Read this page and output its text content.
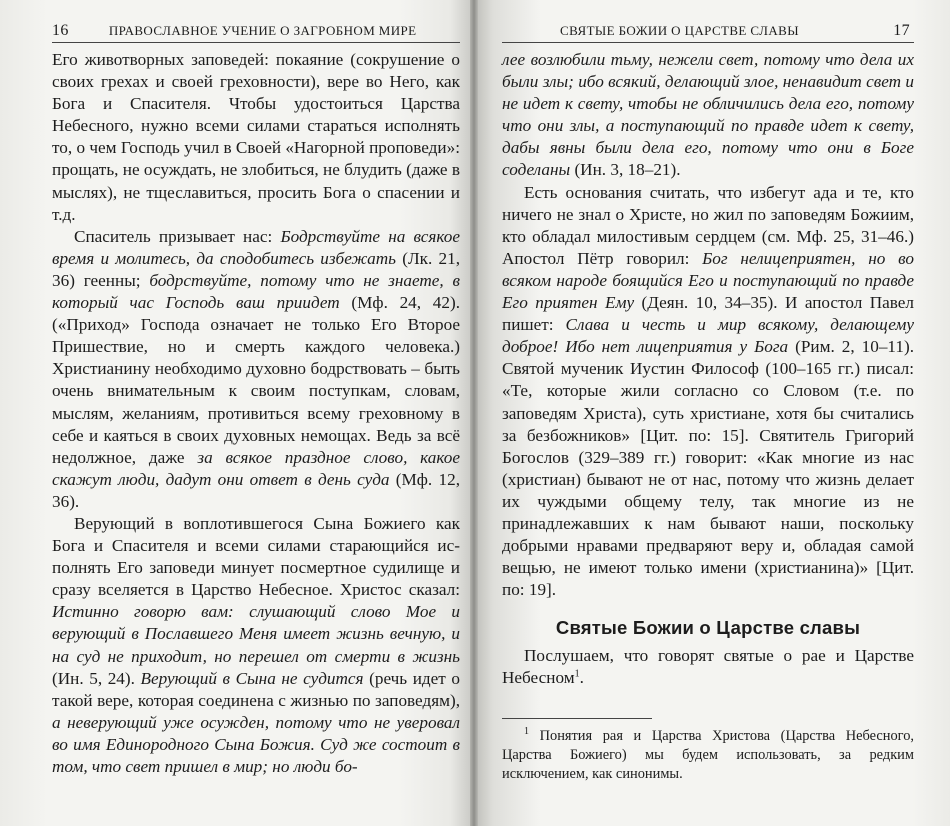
16	ПРАВОСЛАВНОЕ УЧЕНИЕ О ЗАГРОБНОМ МИРЕ

Его животворных заповедей: покаяние (сокрушение о своих грехах и своей греховности), вере во Него, как Бога и Спасителя. Чтобы удостоиться Царства Небесного, нужно всеми силами стараться исполнять то, о чем Господь учил в Своей «Нагорной проповеди»: прощать, не осуждать, не злобиться, не блудить (даже в мыслях), не тщеславиться, просить Бога о спасении и т.д.

Спаситель призывает нас: Бодрствуйте на всякое время и молитесь, да сподобитесь избежать (Лк. 21, 36) геенны; бодрствуйте, потому что не знаете, в который час Господь ваш приидет (Мф. 24, 42). («Приход» Господа означает не только Его Второе Пришествие, но и смерть каждого человека.) Христианину необходимо духовно бодрствовать – быть очень внимательным к своим поступкам, словам, мыслям, желаниям, противиться всему греховному в себе и каяться в своих духовных немощах. Ведь за всё недолжное, даже за всякое праздное слово, какое скажут люди, дадут они ответ в день суда (Мф. 12, 36).

Верующий в воплотившегося Сына Божиего как Бога и Спасителя и всеми силами старающийся исполнять Его заповеди минует посмертное судилище и сразу вселяется в Царство Небесное. Христос сказал: Истинно говорю вам: слушающий слово Мое и верующий в Пославшего Меня имеет жизнь вечную, и на суд не приходит, но перешел от смерти в жизнь (Ин. 5, 24). Верующий в Сына не судится (речь идет о такой вере, которая соединена с жизнью по заповедям), а неверующий уже осужден, потому что не уверовал во имя Единородного Сына Божия. Суд же состоит в том, что свет пришел в мир; но люди бо-

СВЯТЫЕ БОЖИИ О ЦАРСТВЕ СЛАВЫ	17

лее возлюбили тьму, нежели свет, потому что дела их были злы; ибо всякий, делающий злое, ненавидит свет и не идет к свету, чтобы не обличились дела его, потому что они злы, а поступающий по правде идет к свету, дабы явны были дела его, потому что они в Боге соделаны (Ин. 3, 18–21).

Есть основания считать, что избегут ада и те, кто ничего не знал о Христе, но жил по заповедям Божиим, кто обладал милостивым сердцем (см. Мф. 25, 31–46.) Апостол Пётр говорил: Бог нелицеприятен, но во всяком народе боящийся Его и поступающий по правде Его приятен Ему (Деян. 10, 34–35). И апостол Павел пишет: Слава и честь и мир всякому, делающему доброе! Ибо нет лицеприятия у Бога (Рим. 2, 10–11). Святой мученик Иустин Философ (100–165 гг.) писал: «Те, которые жили согласно со Словом (т.е. по заповедям Христа), суть христиане, хотя бы считались за безбожников» [Цит. по: 15]. Святитель Григорий Богослов (329–389 гг.) говорит: «Как многие из нас (христиан) бывают не от нас, потому что жизнь делает их чуждыми общему телу, так многие из не принадлежавших к нам бывают наши, поскольку добрыми нравами предваряют веру и, обладая самой вещью, не имеют только имени (христианина)» [Цит. по: 19].

Святые Божии о Царстве славы

Послушаем, что говорят святые о рае и Царстве Небесном$^1$.

$^1$ Понятия рая и Царства Христова (Царства Небесного, Царства Божиего) мы будем использовать, за редким исключением, как синонимы.
